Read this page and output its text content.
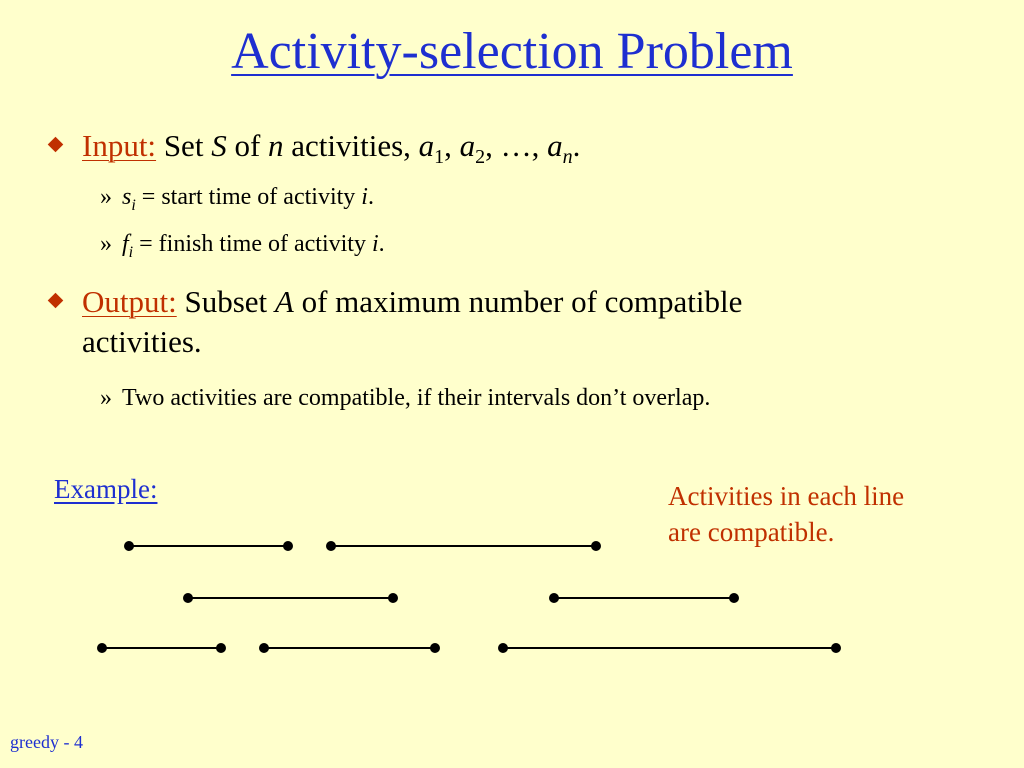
Activity-selection Problem
Input: Set S of n activities, $a_1$, $a_2$, …, $a_n$.
» $s_i$ = start time of activity i.
» $f_i$ = finish time of activity i.
Output: Subset A of maximum number of compatible
activities.
» Two activities are compatible, if their intervals don’t overlap.
Example:	Activities in each line
are compatible.
greedy - 4
